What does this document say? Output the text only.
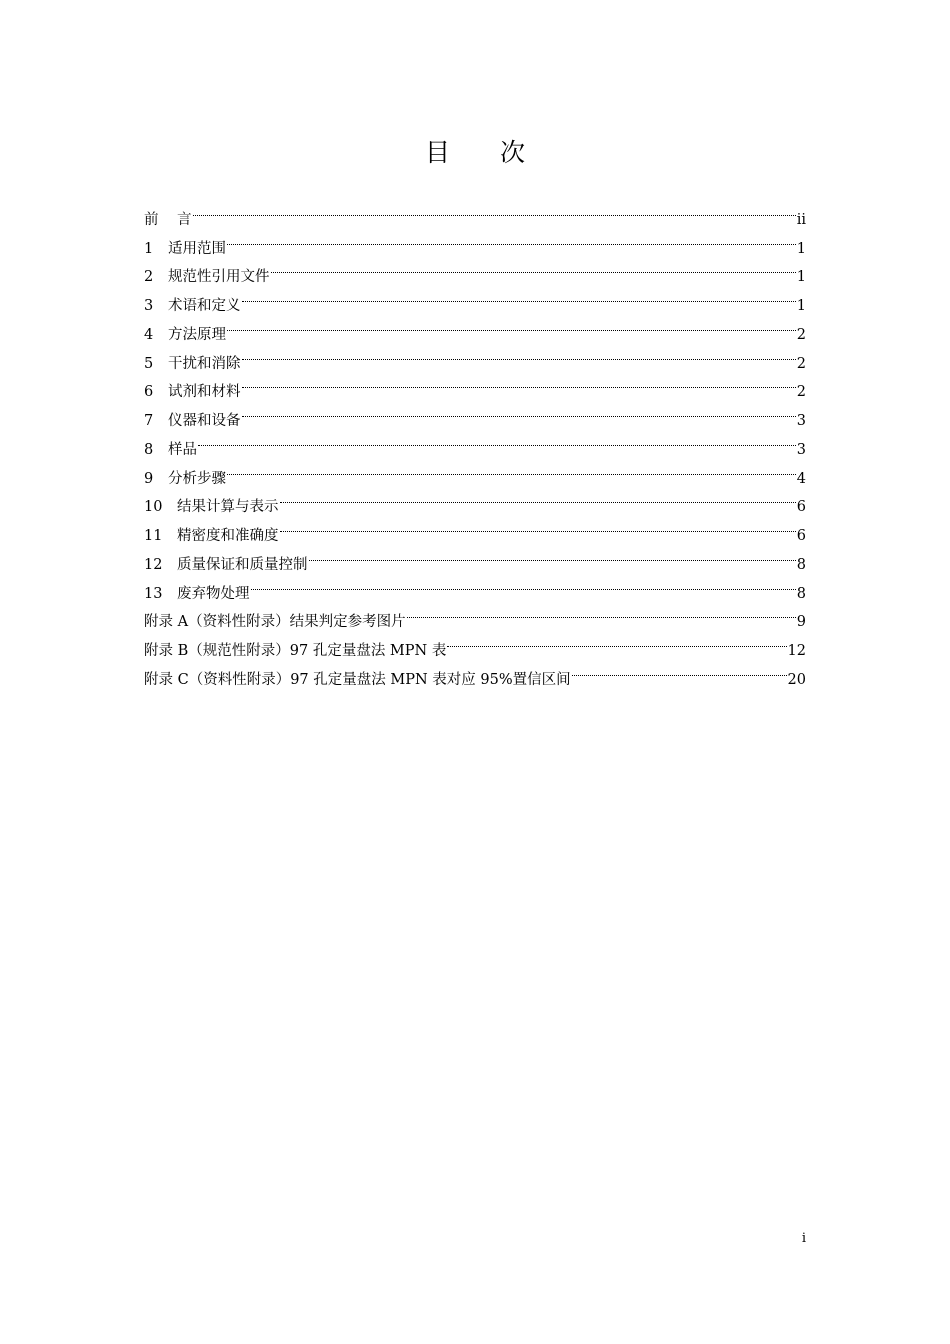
目 次
前 言	ii
1 适用范围	1
2 规范性引用文件	1
3 术语和定义	1
4 方法原理	2
5 干扰和消除	2
6 试剂和材料	2
7 仪器和设备	3
8 样品	3
9 分析步骤	4
10 结果计算与表示	6
11 精密度和准确度	6
12 质量保证和质量控制	8
13 废弃物处理	8
附录 A（资料性附录）结果判定参考图片	9
附录 B（规范性附录）97 孔定量盘法 MPN 表	12
附录 C（资料性附录）97 孔定量盘法 MPN 表对应 95%置信区间	20
i
